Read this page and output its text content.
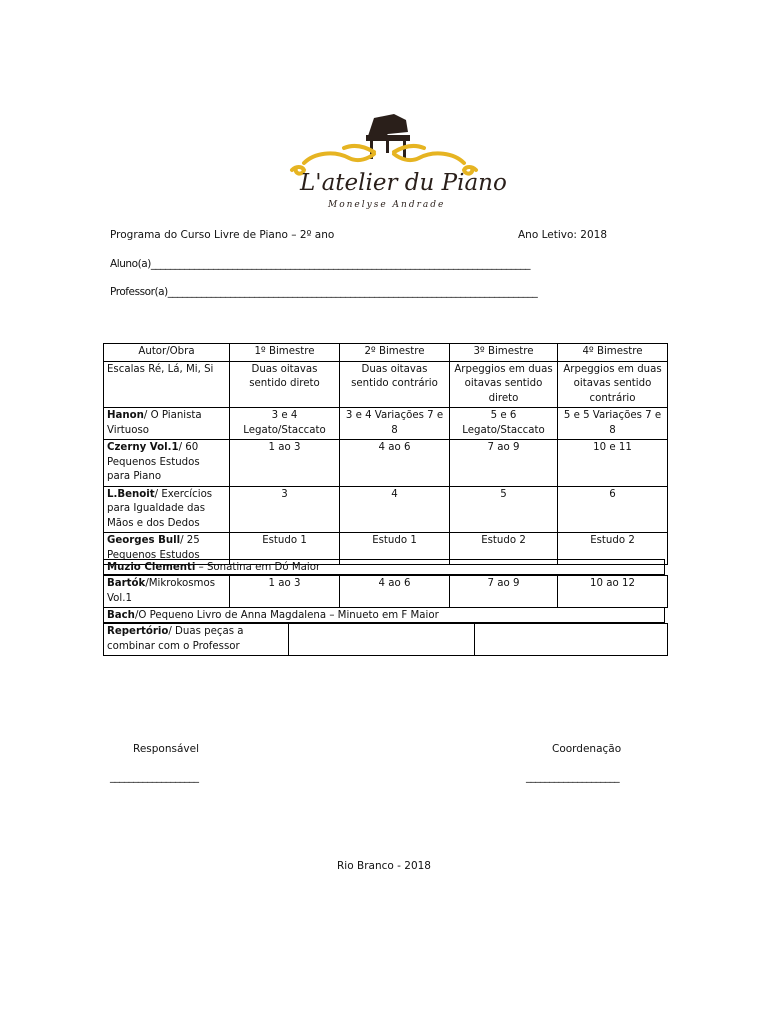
L'atelier du Piano
Monelyse Andrade
Programa do Curso Livre de Piano – 2º ano	Ano Letivo: 2018
Aluno(a)_______________________________________________________________________________
Professor(a)_____________________________________________________________________________
Autor/Obra	1º Bimestre	2º Bimestre	3º Bimestre	4º Bimestre
Escalas Ré, Lá, Mi, Si	Duas oitavas sentido direto	Duas oitavas sentido contrário	Arpeggios em duas oitavas sentido direto	Arpeggios em duas oitavas sentido contrário
Hanon/ O Pianista Virtuoso	3 e 4 Legato/Staccato	3 e 4 Variações 7 e 8	5 e 6 Legato/Staccato	5 e 5 Variações 7 e 8
Czerny Vol.1/ 60 Pequenos Estudos para Piano	1 ao 3	4 ao 6	7 ao 9	10 e 11
L.Benoit/ Exercícios para Igualdade das Mãos e dos Dedos	3	4	5	6
Georges Bull/ 25 Pequenos Estudos	Estudo 1	Estudo 1	Estudo 2	Estudo 2
Muzio Clementi – Sonatina em Dó Maior
Bartók/Mikrokosmos Vol.1	1 ao 3	4 ao 6	7 ao 9	10 ao 12
Bach/O Pequeno Livro de Anna Magdalena – Minueto em F Maior
Repertório/ Duas peças a combinar com o Professor		
Responsável	Coordenação
___________________	____________________
Rio Branco - 2018
